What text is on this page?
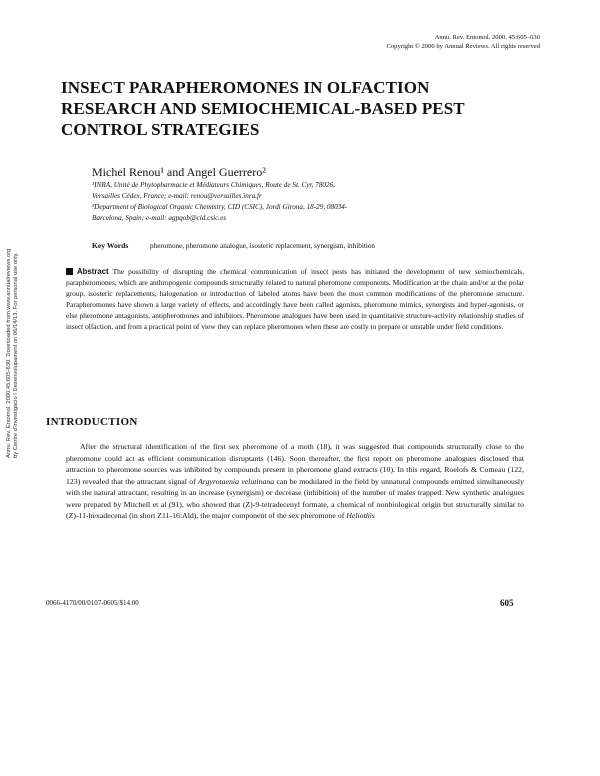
Annu. Rev. Entomol. 2000. 45:605–630
Copyright © 2000 by Annual Reviews. All rights reserved
INSECT PARAPHEROMONES IN OLFACTION
RESEARCH AND SEMIOCHEMICAL-BASED PEST
CONTROL STRATEGIES
Michel Renou¹ and Angel Guerrero²
¹INRA, Unité de Phytopharmacie et Médiateurs Chimiques, Route de St. Cyr, 78026,
Versailles Cédex, France; e-mail: renou@versailles.inra.fr
²Department of Biological Organic Chemistry, CID (CSIC), Jordi Girona, 18-29, 08034-
Barcelona, Spain; e-mail: agpqob@cid.csic.es
Key Words	pheromone, pheromone analogue, isosteric replacement, synergism, inhibition
Abstract The possibility of disrupting the chemical communication of insect pests has initiated the development of new semiochemicals, parapheromones, which are anthropogenic compounds structurally related to natural pheromone components. Modification at the chain and/or at the polar group, isosteric replacements, halogenation or introduction of labeled atoms have been the most common modifications of the pheromone structure. Parapheromones have shown a large variety of effects, and accordingly have been called agonists, pheromone mimics, synergists and hyper-agonists, or else pheromone antagonists, antipheromones and inhibitors. Pheromone analogues have been used in quantitative structure-activity relationship studies of insect olfaction, and from a practical point of view they can replace pheromones when these are costly to prepare or unstable under field conditions.
INTRODUCTION
After the structural identification of the first sex pheromone of a moth (18), it was suggested that compounds structurally close to the pheromone could act as efficient communication disruptants (146). Soon thereafter, the first report on pheromone analogues disclosed that attraction to pheromone sources was inhibited by compounds present in pheromone gland extracts (10). In this regard, Roelofs & Comeau (122, 123) revealed that the attractant signal of Argyrotaenia velutinana can be modulated in the field by unnatural compounds emitted simultaneously with the natural attractant, resulting in an increase (synergism) or decrease (inhibition) of the number of males trapped. New synthetic analogues were prepared by Mitchell et al (91), who showed that (Z)-9-tetradecenyl formate, a chemical of nonbiological origin but structurally similar to (Z)-11-hexadecenal (in short Z11-16:Ald), the major component of the sex pheromone of Heliothis
0066-4170/00/0107-0605/$14.00	605
Annu. Rev. Entomol. 2000.45:605-630. Downloaded from www.annualreviews.org by Centre d'Investigacio I Desenvolupament on 06/14/13. For personal use only.
